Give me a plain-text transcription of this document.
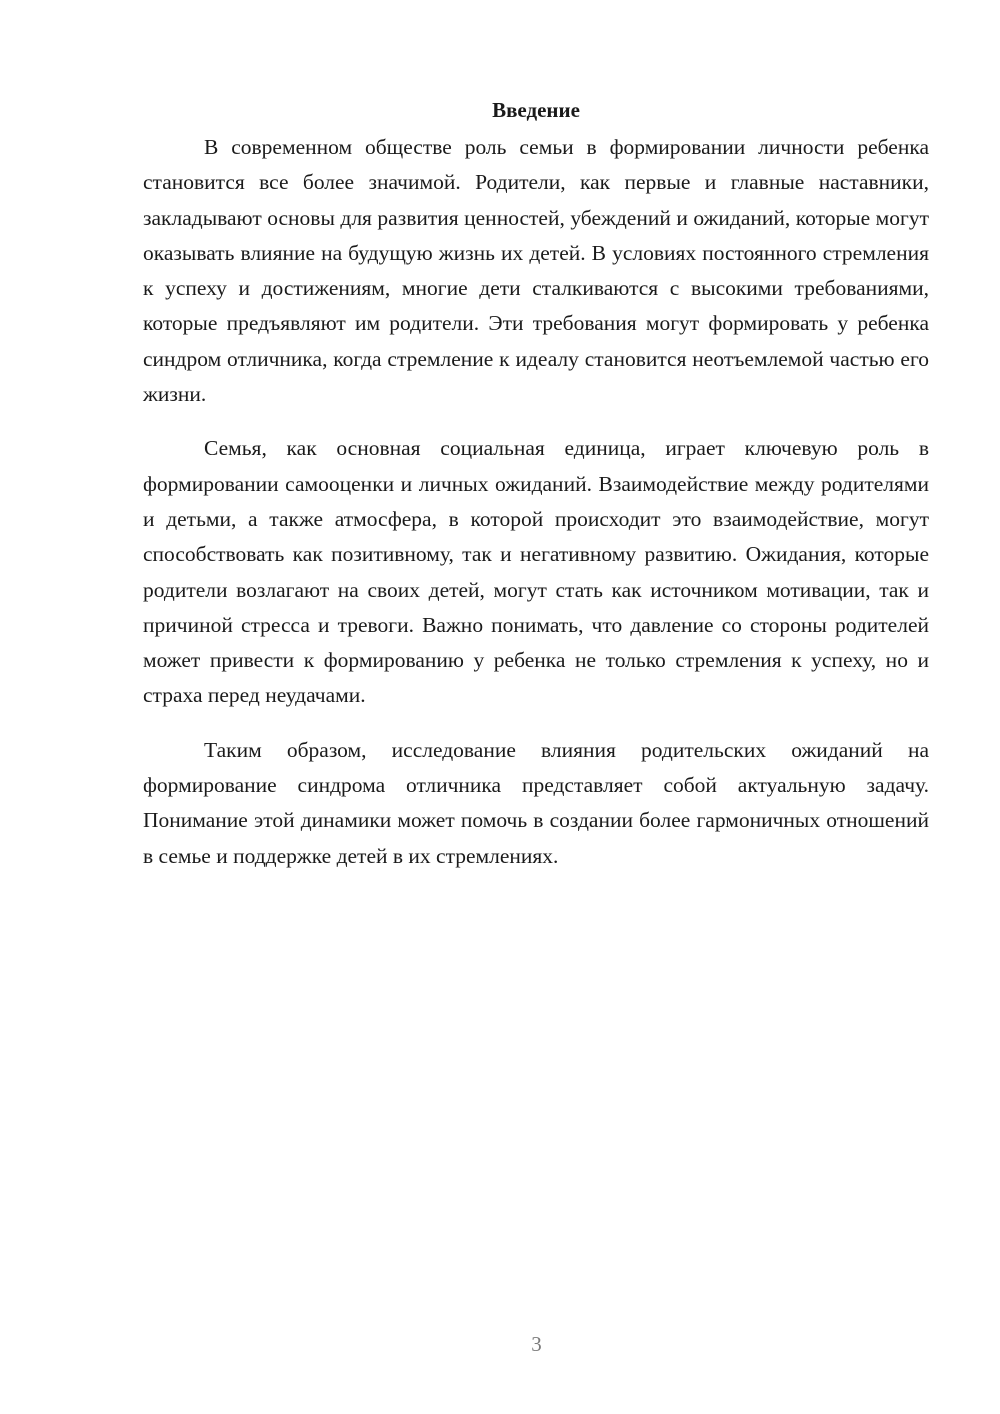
Введение

В современном обществе роль семьи в формировании личности ребенка становится все более значимой. Родители, как первые и главные наставники, закладывают основы для развития ценностей, убеждений и ожиданий, которые могут оказывать влияние на будущую жизнь их детей. В условиях постоянного стремления к успеху и достижениям, многие дети сталкиваются с высокими требованиями, которые предъявляют им родители. Эти требования могут формировать у ребенка синдром отличника, когда стремление к идеалу становится неотъемлемой частью его жизни.

Семья, как основная социальная единица, играет ключевую роль в формировании самооценки и личных ожиданий. Взаимодействие между родителями и детьми, а также атмосфера, в которой происходит это взаимодействие, могут способствовать как позитивному, так и негативному развитию. Ожидания, которые родители возлагают на своих детей, могут стать как источником мотивации, так и причиной стресса и тревоги. Важно понимать, что давление со стороны родителей может привести к формированию у ребенка не только стремления к успеху, но и страха перед неудачами.

Таким образом, исследование влияния родительских ожиданий на формирование синдрома отличника представляет собой актуальную задачу. Понимание этой динамики может помочь в создании более гармоничных отношений в семье и поддержке детей в их стремлениях.

3
